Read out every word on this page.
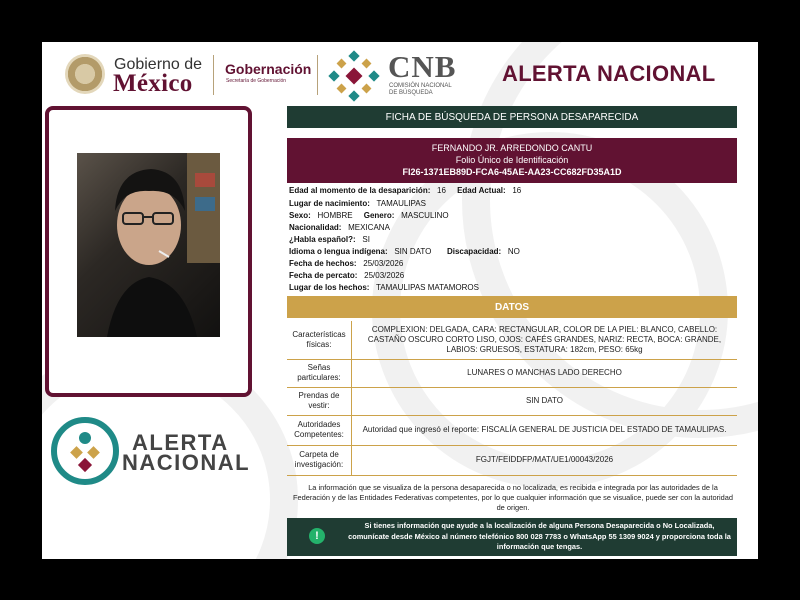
Gobierno de
México
Gobernación
Secretaría de Gobernación	CNB
COMISIÓN NACIONAL
DE BÚSQUEDA
ALERTA NACIONAL
ALERTA
NACIONAL
FICHA DE BÚSQUEDA DE PERSONA DESAPARECIDA
FERNANDO JR. ARREDONDO CANTU
Folio Único de Identificación
FI26-1371EB89D-FCA6-45AE-AA23-CC682FD35A1D
Edad al momento de la desaparición: 16 Edad Actual: 16
Lugar de nacimiento: TAMAULIPAS
Sexo: HOMBRE Genero: MASCULINO
Nacionalidad: MEXICANA
¿Habla español?: SI
Idioma o lengua indígena: SIN DATO Discapacidad: NO
Fecha de hechos: 25/03/2026
Fecha de percato: 25/03/2026
Lugar de los hechos: TAMAULIPAS MATAMOROS
DATOS
Características físicas:	COMPLEXION: DELGADA, CARA: RECTANGULAR, COLOR DE LA PIEL: BLANCO, CABELLO: CASTAÑO OSCURO CORTO LISO, OJOS: CAFÉS GRANDES, NARIZ: RECTA, BOCA: GRANDE, LABIOS: GRUESOS, ESTATURA: 182cm, PESO: 65kg
Señas particulares:	LUNARES O MANCHAS LADO DERECHO
Prendas de vestir:	SIN DATO
Autoridades Competentes:	Autoridad que ingresó el reporte: FISCALÍA GENERAL DE JUSTICIA DEL ESTADO DE TAMAULIPAS.
Carpeta de investigación:	FGJT/FEIDDFP/MAT/UE1/00043/2026
La información que se visualiza de la persona desaparecida o no localizada, es recibida e integrada por las autoridades de la Federación y de las Entidades Federativas competentes, por lo que cualquier información que se visualice, puede ser con la autoridad de origen.
!
Si tienes información que ayude a la localización de alguna Persona Desaparecida o No Localizada, comunícate desde México al número telefónico 800 028 7783 o WhatsApp 55 1309 9024 y proporciona toda la información que tengas.
